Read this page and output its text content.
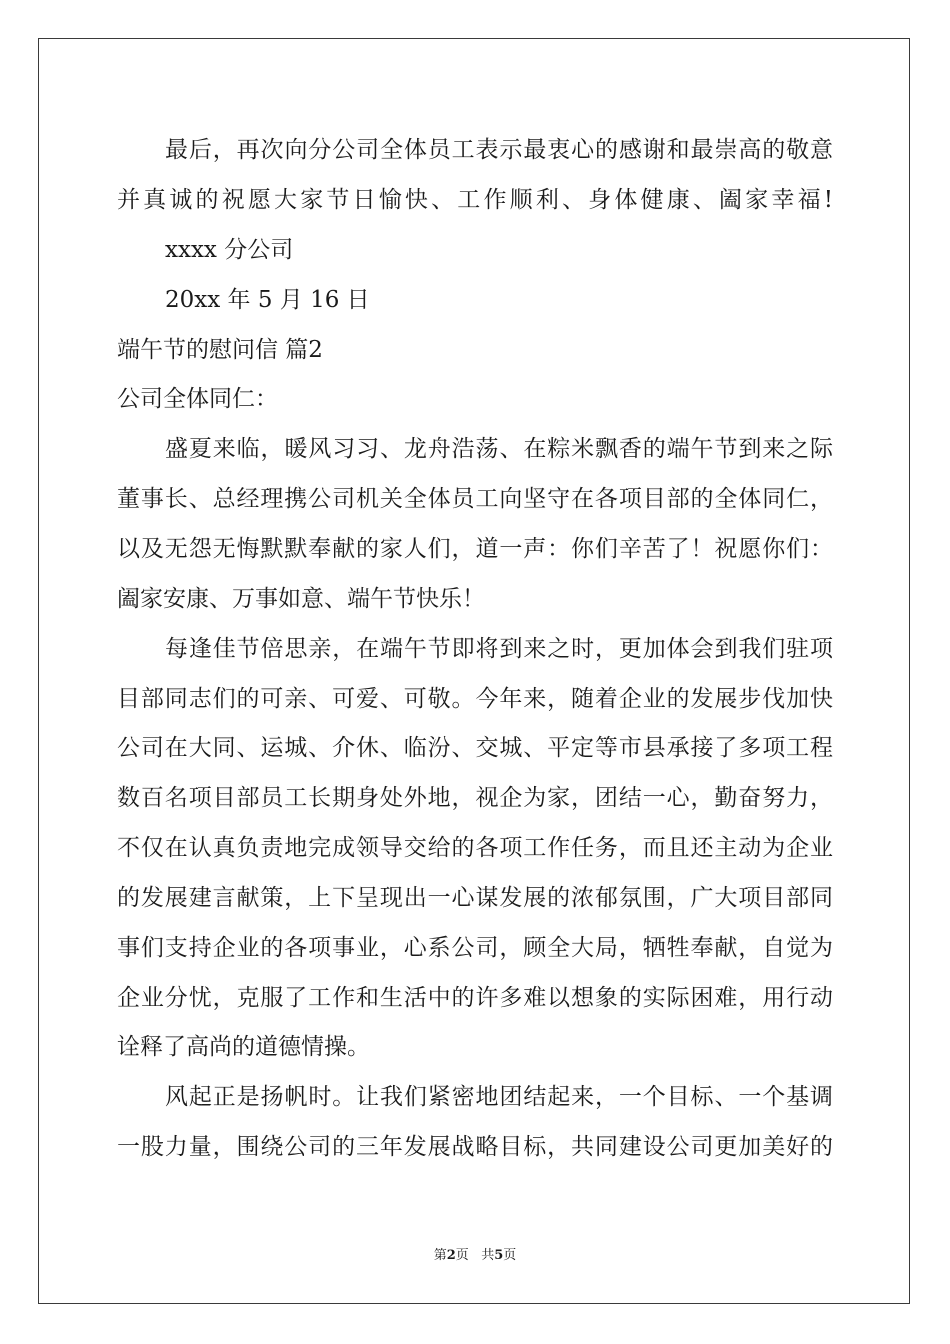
最后，再次向分公司全体员工表示最衷心的感谢和最崇高的敬意
并真诚的祝愿大家节日愉快、工作顺利、身体健康、阖家幸福!
xxxx 分公司
20xx 年 5 月 16 日
端午节的慰问信 篇2
公司全体同仁：
盛夏来临，暖风习习、龙舟浩荡、在粽米飘香的端午节到来之际
董事长、总经理携公司机关全体员工向坚守在各项目部的全体同仁，
以及无怨无悔默默奉献的家人们，道一声：你们辛苦了！祝愿你们：
阖家安康、万事如意、端午节快乐！
每逢佳节倍思亲，在端午节即将到来之时，更加体会到我们驻项
目部同志们的可亲、可爱、可敬。今年来，随着企业的发展步伐加快
公司在大同、运城、介休、临汾、交城、平定等市县承接了多项工程
数百名项目部员工长期身处外地，视企为家，团结一心，勤奋努力，
不仅在认真负责地完成领导交给的各项工作任务，而且还主动为企业
的发展建言献策，上下呈现出一心谋发展的浓郁氛围，广大项目部同
事们支持企业的各项事业，心系公司，顾全大局，牺牲奉献，自觉为
企业分忧，克服了工作和生活中的许多难以想象的实际困难，用行动
诠释了高尚的道德情操。
风起正是扬帆时。让我们紧密地团结起来，一个目标、一个基调
一股力量，围绕公司的三年发展战略目标，共同建设公司更加美好的
第2页 共5页
